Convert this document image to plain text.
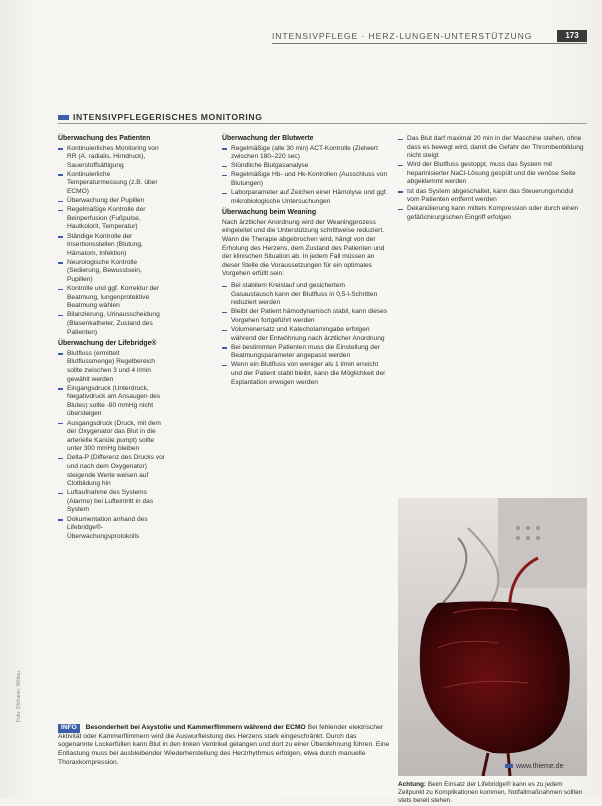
INTENSIVPFLEGE · HERZ-LUNGEN-UNTERSTÜTZUNG	173
INTENSIVPFLEGERISCHES MONITORING
Überwachung des Patienten
Kontinuierliches Monitoring von RR (A. radialis, Hirndruck), Sauerstoffsättigung
Kontinuierliche Temperaturmessung (z.B. über ECMO)
Überwachung der Pupillen
Regelmäßige Kontrolle der Beinperfusion (Fußpulse, Hautkolorit, Temperatur)
Ständige Kontrolle der Insertionsstellen (Blutung, Hämatom, Infektion)
Neurologische Kontrolle (Sedierung, Bewusstsein, Pupillen)
Kontrolle und ggf. Korrektur der Beatmung, lungenprotektive Beatmung wählen
Bilanzierung, Urinausscheidung (Blasenkatheter, Zustand des Patienten)
Überwachung der Lifebridge®
Blutfluss (ermittelt Blutflussmenge) Regelbereich sollte zwischen 3 und 4 l/min gewählt werden
Eingangsdruck (Unterdruck, Negativdruck am Ansaugen des Blutes) sollte -80 mmHg nicht übersteigen
Ausgangsdruck (Druck, mit dem der Oxygenator das Blut in die arterielle Kanüle pumpt) sollte unter 300 mmHg bleiben
Delta-P (Differenz des Drucks vor und nach dem Oxygenator) steigende Werte weisen auf Clotbildung hin
Luftaufnahme des Systems (Alarme) bei Lufteintritt in das System
Dokumentation anhand des Lifebridge®-Überwachungsprotokolls
Überwachung der Blutwerte
Regelmäßige (alle 30 min) ACT-Kontrolle (Zielwert zwischen 180–220 sec)
Stündliche Blutgasanalyse
Regelmäßige Hb- und Hk-Kontrollen (Ausschluss von Blutungen)
Laborparameter auf Zeichen einer Hämolyse und ggf. mikrobiologische Untersuchungen
Überwachung beim Weaning

Nach ärztlicher Anordnung wird der Weaningprozess eingeleitet und die Unterstützung schrittweise reduziert. Wann die Therapie abgebrochen wird, hängt von der Erholung des Herzens, dem Zustand des Patienten und der klinischen Situation ab. In jedem Fall müssen an dieser Stelle die Voraussetzungen für ein optimales Vorgehen erfüllt sein:

Bei stabilem Kreislauf und gesichertem Gasaustausch kann der Blutfluss in 0,5-l-Schritten reduziert werden
Bleibt der Patient hämodynamisch stabil, kann dieses Vorgehen fortgeführt werden
Volumenersatz und Katecholamingabe erfolgen während der Entwöhnung nach ärztlicher Anordnung
Bei bestimmten Patienten muss die Einstellung der Beatmungsparameter angepasst werden
Wenn ein Blutfluss von weniger als 1 l/min erreicht und der Patient stabil bleibt, kann die Möglichkeit der Explantation erwogen werden
Das Blut darf maximal 20 min in der Maschine stehen, ohne dass es bewegt wird, damit die Gefahr der Thrombenbildung nicht steigt
Wird der Blutfluss gestoppt, muss das System mit heparinisierter NaCl-Lösung gespült und die venöse Seite abgeklemmt werden
Ist das System abgeschaltet, kann das Steuerungsmodul vom Patienten entfernt werden
Dekanülierung kann mittels Kompression oder durch einen gefäßchirurgischen Eingriff erfolgen
Achtung: Beim Einsatz der Lifebridge® kann es zu jedem Zeitpunkt zu Komplikationen kommen, Notfallmaßnahmen sollten stets bereit stehen.
INFO Besonderheit bei Asystolie und Kammerflimmern während der ECMO Bei fehlender elektrischer Aktivität oder Kammerflimmern wird die Auswurfleistung des Herzens stark eingeschränkt. Durch das sogenannte Lockerfüllen kann Blut in den linken Ventrikel gelangen und dort zu einer Überdehnung führen. Eine Entlastung muss bei ausbleibender Wiederherstellung des Herzrhythmus erfolgen, etwa durch manuelle Thoraxkompression.
www.thieme.de
Foto: Ohlmeier, Wildau
